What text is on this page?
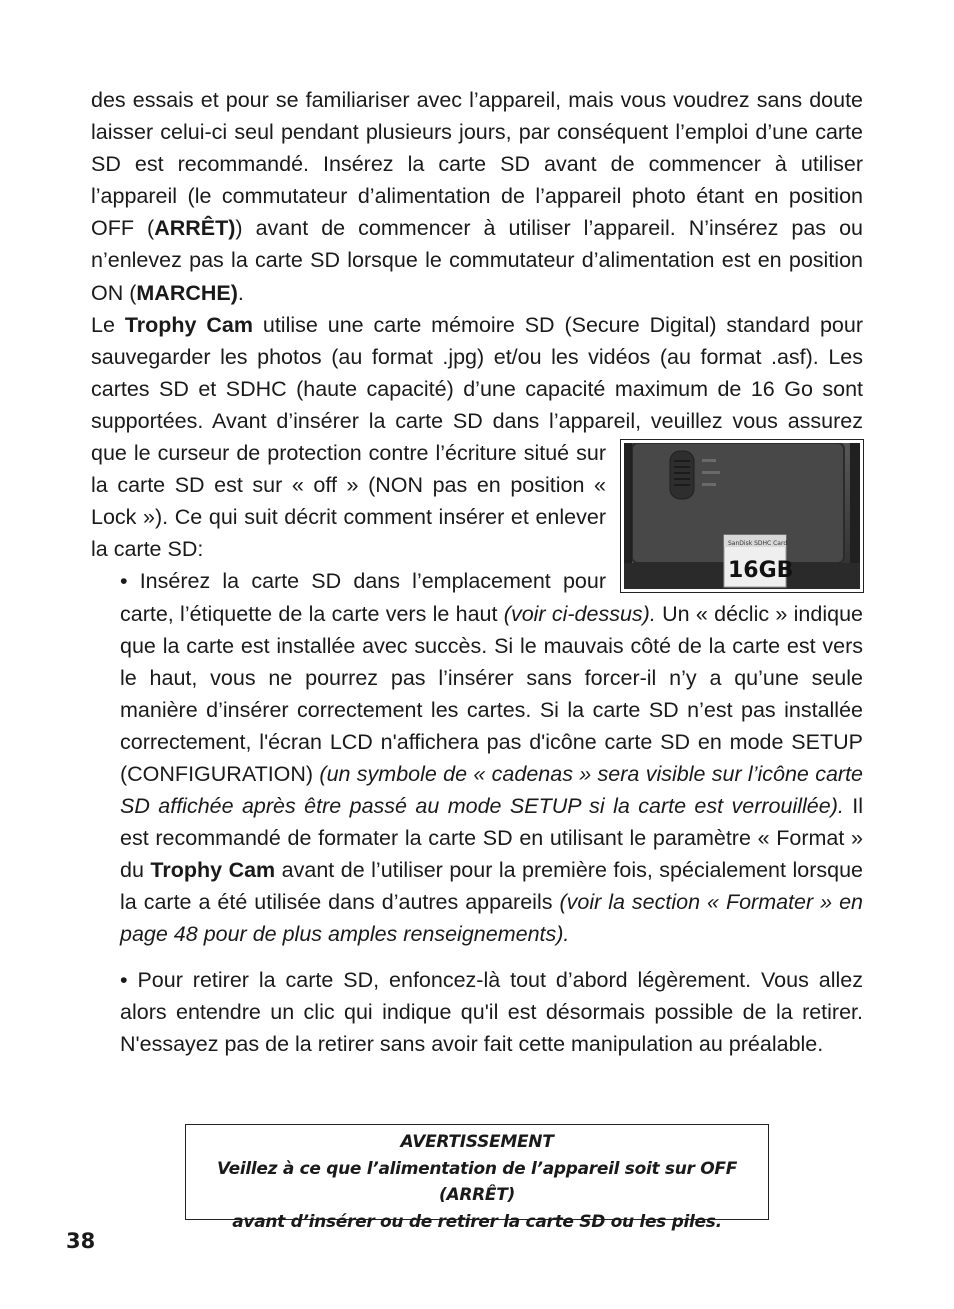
des essais et pour se familiariser avec l’appareil, mais vous voudrez sans doute laisser celui-ci seul pendant plusieurs jours, par conséquent l’emploi d’une carte SD est recommandé. Insérez la carte SD avant de commencer à utiliser l’appareil (le commutateur d’alimentation de l’appareil photo étant en position OFF (ARRÊT)) avant de commencer à utiliser l’appareil. N’insérez pas ou n’enlevez pas la carte SD lorsque le commutateur d’alimentation est en position ON (MARCHE).

Le Trophy Cam utilise une carte mémoire SD (Secure Digital) standard pour sauvegarder les photos (au format .jpg) et/ou les vidéos (au format .asf). Les cartes SD et SDHC (haute capacité) d’une capacité maximum de 16 Go sont supportées. Avant d’insérer la carte SD dans l’appareil,
SanDisk SDHC Card
16GB
veuillez vous assurez que le curseur de protection contre l’écriture situé sur la carte SD est sur « off » (NON pas en position « Lock »). Ce qui suit décrit comment insérer et enlever la carte SD:

• Insérez la carte SD dans l’emplacement pour carte, l’étiquette de la carte vers le haut (voir ci-dessus). Un « déclic » indique que la carte est installée avec succès. Si le mauvais côté de la carte est vers le haut, vous ne pourrez pas l’insérer sans forcer-il n’y a qu’une seule manière d’insérer correctement les cartes. Si la carte SD n’est pas installée correctement, l'écran LCD n'affichera pas d'icône carte SD en mode SETUP (CONFIGURATION) (un symbole de « cadenas » sera visible sur l’icône carte SD affichée après être passé au mode SETUP si la carte est verrouillée). Il est recommandé de formater la carte SD en utilisant le paramètre « Format » du Trophy Cam avant de l’utiliser pour la première fois, spécialement lorsque la carte a été utilisée dans d’autres appareils (voir la section « Formater » en page 48 pour de plus amples renseignements).

• Pour retirer la carte SD, enfoncez-là tout d’abord légèrement. Vous allez alors entendre un clic qui indique qu'il est désormais possible de la retirer. N'essayez pas de la retirer sans avoir fait cette manipulation au préalable.

AVERTISSEMENT
Veillez à ce que l’alimentation de l’appareil soit sur OFF (ARRÊT)
avant d’insérer ou de retirer la carte SD ou les piles.
38
